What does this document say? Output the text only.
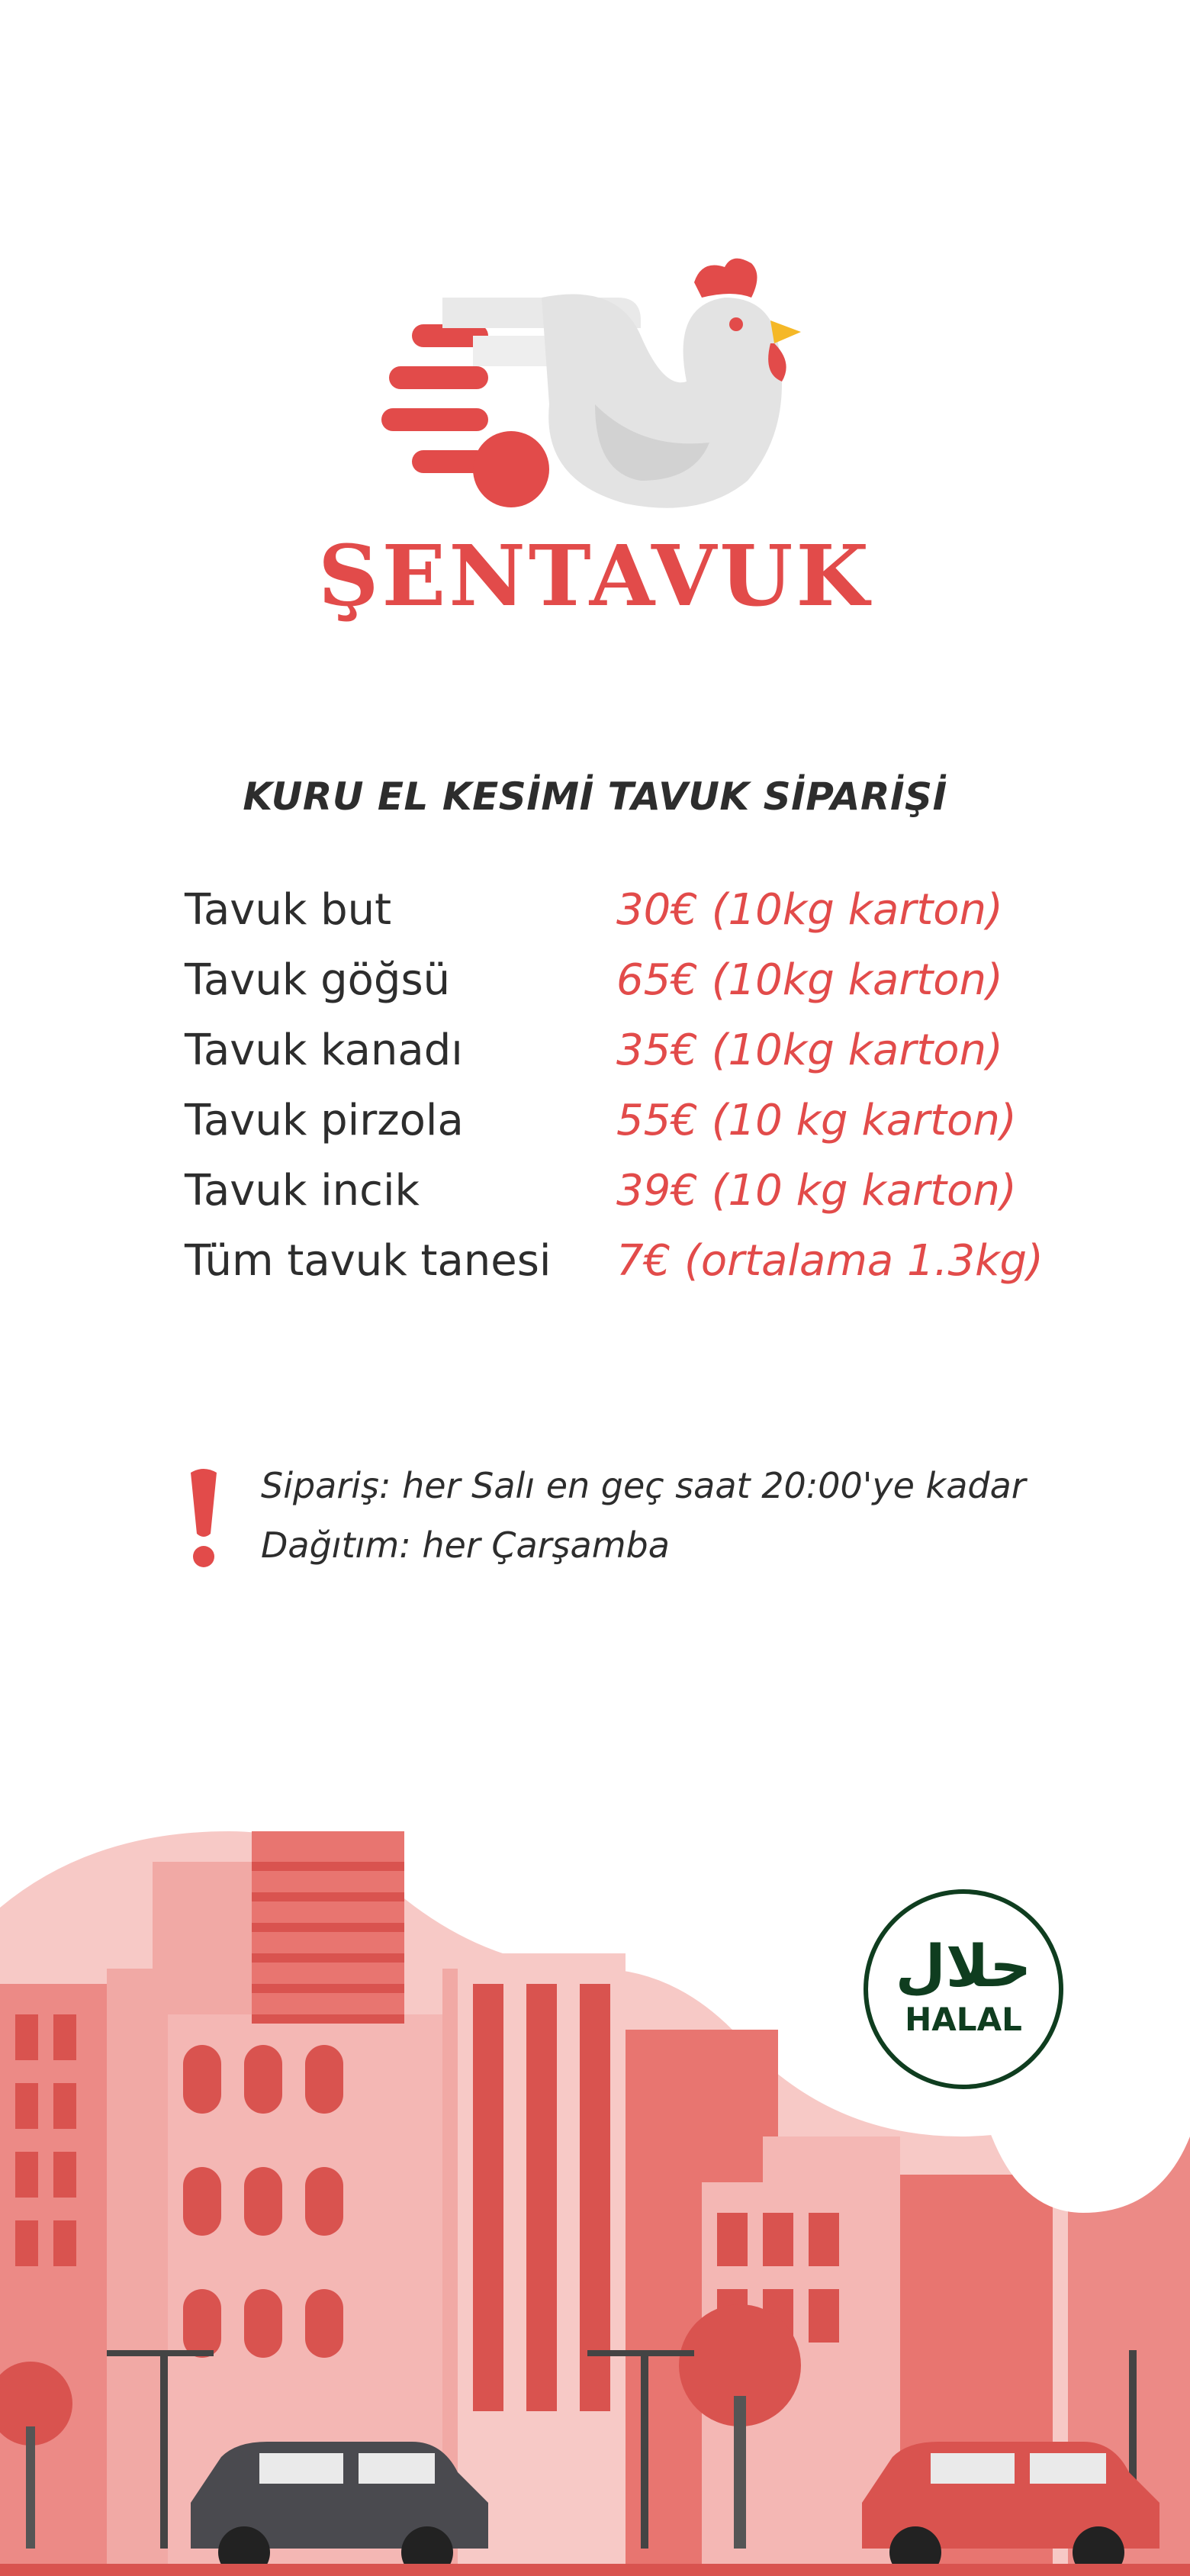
ŞENTAVUK
KURU EL KESİMİ TAVUK SİPARİŞİ
Tavuk but	30€ (10kg karton)
Tavuk göğsü	65€ (10kg karton)
Tavuk kanadı	35€ (10kg karton)
Tavuk pirzola	55€ (10 kg karton)
Tavuk incik	39€ (10 kg karton)
Tüm tavuk tanesi 7€ (ortalama 1.3kg)
Sipariş: her Salı en geç saat 20:00'ye kadar
Dağıtım: her Çarşamba
حلال
HALAL
